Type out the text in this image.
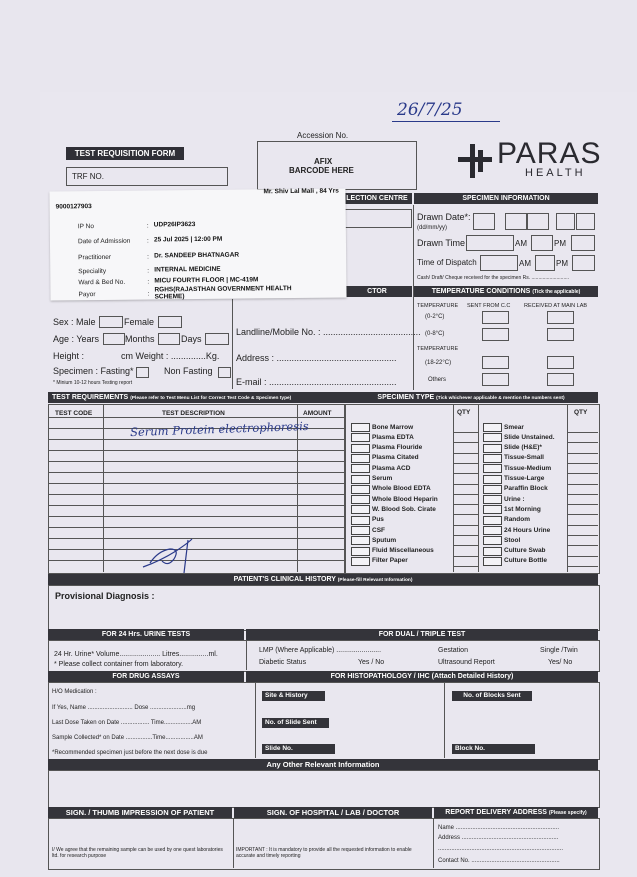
26/7/25
TEST REQUISITION FORM
TRF NO.
Accession No.
AFIX
BARCODE HERE
PARAS
HEALTH
LECTION CENTRE	SPECIMEN INFORMATION
CTOR
Drawn Date*:
(dd/mm/yy)
Drawn Time	AM	PM
Time of Dispatch	AM	PM
Cash/ Draft/ Cheque received for the specimen Rs. ...........................
TEMPERATURE CONDITIONS (Tick the applicable)
TEMPERATURE SENT FROM C.C RECEIVED AT MAIN LAB
(0-2°C)
(0-8°C)
TEMPERATURE
(18-22°C)
Others
Sex : Male	Female
Age : Years	Months	Days
Height :	cm Weight : ..............Kg.
Specimen : Fasting*	Non Fasting
* Minium 10-12 hours Testing report
Landline/Mobile No. : .......................................
Address : ................................................
E-mail : ...................................................
Mr. Shiv Lal Mali , 84 Yrs
9000127903
IP No	: UDP26IP3623
Date of Admission	: 25 Jul 2025 | 12:00 PM
Practitioner	: Dr. SANDEEP BHATNAGAR
Speciality	: INTERNAL MEDICINE
Ward & Bed No.	: MICU FOURTH FLOOR | MC-419M
Payor	:
RGHS(RAJASTHAN GOVERNMENT HEALTH
SCHEME)
TEST REQUIREMENTS (Please refer to Test Menu List for Correct Test Code & Specimen type)	SPECIMEN TYPE (Tick whichever applicable & mention the numbers sent)
TEST CODE	TEST DESCRIPTION	AMOUNT
Serum Protein electrophoresis
QTY	QTY
Bone Marrow
Plasma EDTA
Plasma Flouride
Plasma Citated
Plasma ACD
Serum
Whole Blood EDTA
Whole Blood Heparin
W. Blood Sob. Cirate
Pus
CSF
Sputum
Fluid Miscellaneous
Filter Paper
Smear
Slide Unstained.
Slide (H&E)*
Tissue-Small
Tissue-Medium
Tissue-Large
Paraffin Block
Urine :
1st Morning
Random
24 Hours Urine
Stool
Culture Swab
Culture Bottle
PATIENT'S CLINICAL HISTORY (Please-fill Relevant Information)
Provisional Diagnosis :
FOR 24 Hrs. URINE TESTS	FOR DUAL / TRIPLE TEST
24 Hr. Urine* Volume..................... Litres...............ml.
* Please collect container from laboratory.
LMP (Where Applicable) .......................
Diabetic Status	Yes / No
Gestation	Single /Twin
Ultrasound Report	Yes/ No
FOR DRUG ASSAYS	FOR HISTOPATHOLOGY / IHC (Attach Detailed History)
H/O Medication :
If Yes, Name ........................... Dose ......................mg
Last Dose Taken on Date ................. Time.................AM
Sample Collected* on Date ................Time.................AM
*Recommended specimen just before the next dose is due
Site & History
No. of Slide Sent
Slide No.
No. of Blocks Sent
Block No.
Any Other Relevant Information
SIGN. / THUMB IMPRESSION OF PATIENT	SIGN. OF HOSPITAL / LAB / DOCTOR	REPORT DELIVERY ADDRESS (Please specify)
I/ We agree that the remaining sample can be used by one quest laboratories ltd. for research purpose
IMPORTANT : It is mandatory to provide all the requested information to enable accurate and timely reporting
Name ..............................................................
Address ..........................................................
...........................................................................
Contact No. .....................................................
